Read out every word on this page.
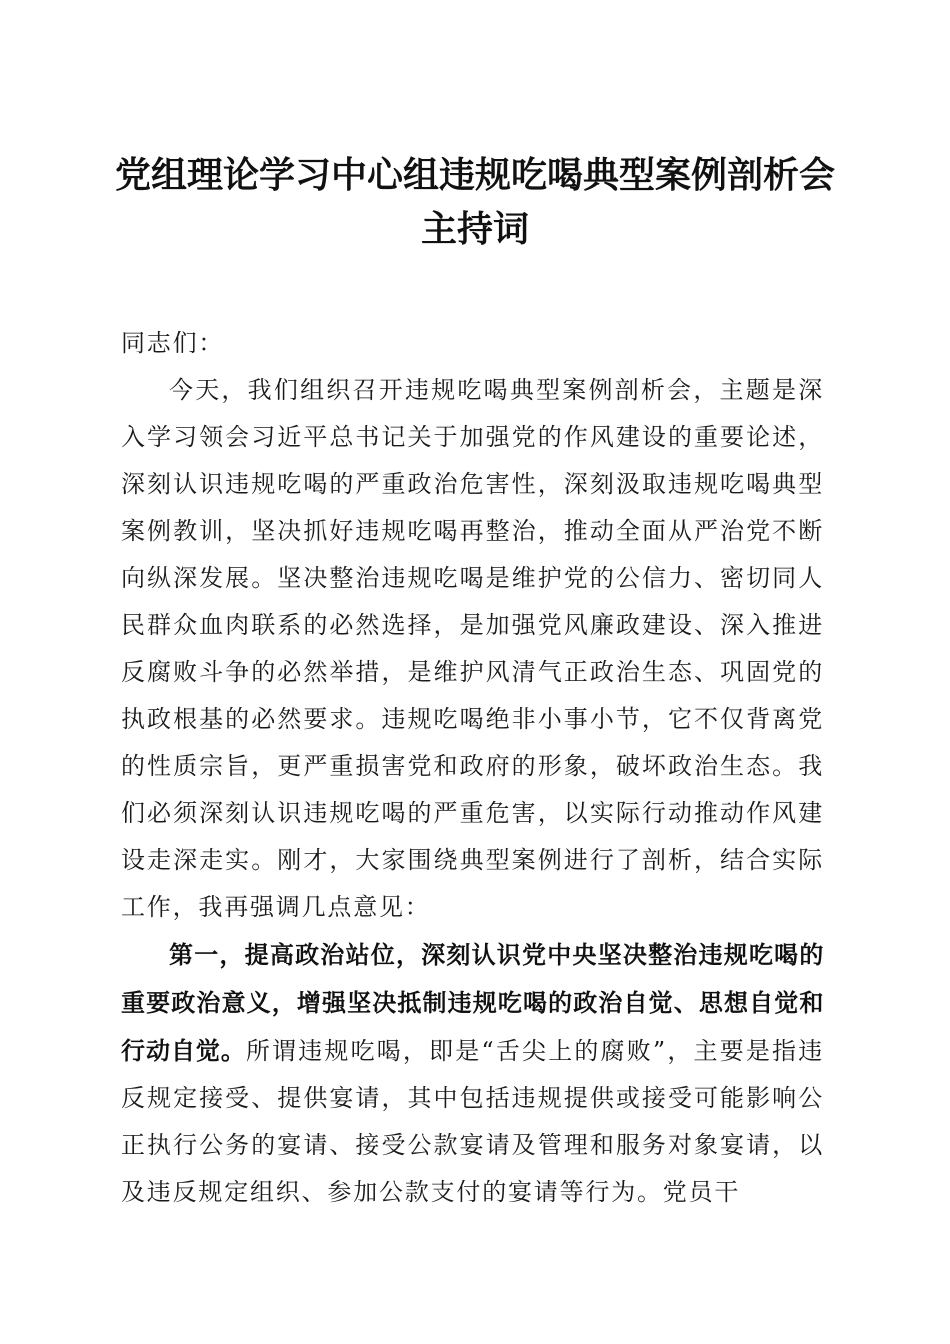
党组理论学习中心组违规吃喝典型案例剖析会
主持词

同志们：

今天，我们组织召开违规吃喝典型案例剖析会，主题是深入学习领会习近平总书记关于加强党的作风建设的重要论述，深刻认识违规吃喝的严重政治危害性，深刻汲取违规吃喝典型案例教训，坚决抓好违规吃喝再整治，推动全面从严治党不断向纵深发展。坚决整治违规吃喝是维护党的公信力、密切同人民群众血肉联系的必然选择，是加强党风廉政建设、深入推进反腐败斗争的必然举措，是维护风清气正政治生态、巩固党的执政根基的必然要求。违规吃喝绝非小事小节，它不仅背离党的性质宗旨，更严重损害党和政府的形象，破坏政治生态。我们必须深刻认识违规吃喝的严重危害，以实际行动推动作风建设走深走实。刚才，大家围绕典型案例进行了剖析，结合实际工作，我再强调几点意见：

第一，提高政治站位，深刻认识党中央坚决整治违规吃喝的重要政治意义，增强坚决抵制违规吃喝的政治自觉、思想自觉和行动自觉。所谓违规吃喝，即是“舌尖上的腐败”，主要是指违反规定接受、提供宴请，其中包括违规提供或接受可能影响公正执行公务的宴请、接受公款宴请及管理和服务对象宴请，以及违反规定组织、参加公款支付的宴请等行为。党员干
